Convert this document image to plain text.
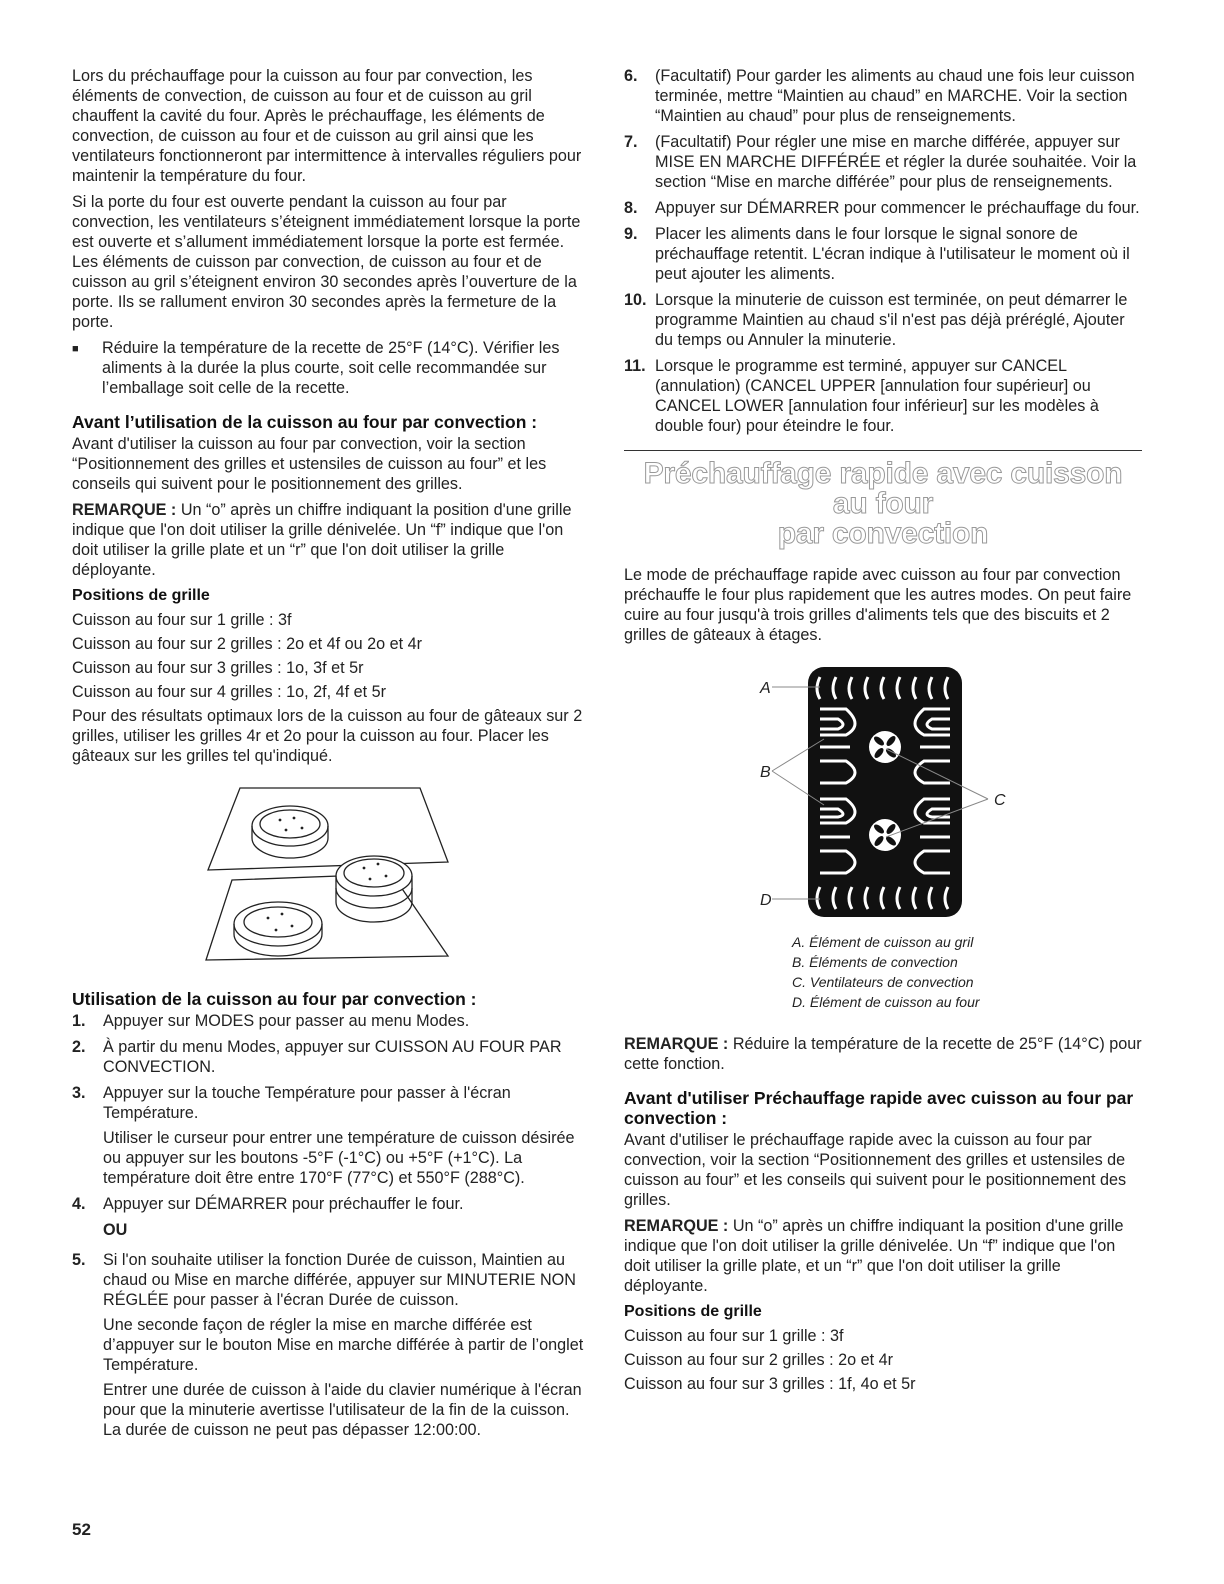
Lors du préchauffage pour la cuisson au four par convection, les éléments de convection, de cuisson au four et de cuisson au gril chauffent la cavité du four. Après le préchauffage, les éléments de convection, de cuisson au four et de cuisson au gril ainsi que les ventilateurs fonctionneront par intermittence à intervalles réguliers pour maintenir la température du four.

Si la porte du four est ouverte pendant la cuisson au four par convection, les ventilateurs s’éteignent immédiatement lorsque la porte est ouverte et s’allument immédiatement lorsque la porte est fermée. Les éléments de cuisson par convection, de cuisson au four et de cuisson au gril s’éteignent environ 30 secondes après l’ouverture de la porte. Ils se rallument environ 30 secondes après la fermeture de la porte.

■	Réduire la température de la recette de 25°F (14°C). Vérifier les aliments à la durée la plus courte, soit celle recommandée sur l’emballage soit celle de la recette.
Avant l’utilisation de la cuisson au four par convection :

Avant d'utiliser la cuisson au four par convection, voir la section “Positionnement des grilles et ustensiles de cuisson au four” et les conseils qui suivent pour le positionnement des grilles.

REMARQUE : Un “o” après un chiffre indiquant la position d'une grille indique que l'on doit utiliser la grille dénivelée. Un “f” indique que l'on doit utiliser la grille plate et un “r” que l'on doit utiliser la grille déployante.

Positions de grille
Cuisson au four sur 1 grille : 3f
Cuisson au four sur 2 grilles : 2o et 4f ou 2o et 4r
Cuisson au four sur 3 grilles : 1o, 3f et 5r
Cuisson au four sur 4 grilles : 1o, 2f, 4f et 5r

Pour des résultats optimaux lors de la cuisson au four de gâteaux sur 2 grilles, utiliser les grilles 4r et 2o pour la cuisson au four. Placer les gâteaux sur les grilles tel qu'indiqué.

Utilisation de la cuisson au four par convection :
1.	Appuyer sur MODES pour passer au menu Modes.
2.	À partir du menu Modes, appuyer sur CUISSON AU FOUR PAR CONVECTION.
3.	Appuyer sur la touche Température pour passer à l'écran Température.

Utiliser le curseur pour entrer une température de cuisson désirée ou appuyer sur les boutons -5°F (-1°C) ou +5°F (+1°C). La température doit être entre 170°F (77°C) et 550°F (288°C).
4.	Appuyer sur DÉMARRER pour préchauffer le four.
OU
5.	Si l'on souhaite utiliser la fonction Durée de cuisson, Maintien au chaud ou Mise en marche différée, appuyer sur MINUTERIE NON RÉGLÉE pour passer à l'écran Durée de cuisson.

Une seconde façon de régler la mise en marche différée est d’appuyer sur le bouton Mise en marche différée à partir de l’onglet Température.

Entrer une durée de cuisson à l'aide du clavier numérique à l'écran pour que la minuterie avertisse l'utilisateur de la fin de la cuisson. La durée de cuisson ne peut pas dépasser 12:00:00.
6.	(Facultatif) Pour garder les aliments au chaud une fois leur cuisson terminée, mettre “Maintien au chaud” en MARCHE. Voir la section “Maintien au chaud” pour plus de renseignements.
7.	(Facultatif) Pour régler une mise en marche différée, appuyer sur MISE EN MARCHE DIFFÉRÉE et régler la durée souhaitée. Voir la section “Mise en marche différée” pour plus de renseignements.
8.	Appuyer sur DÉMARRER pour commencer le préchauffage du four.
9.	Placer les aliments dans le four lorsque le signal sonore de préchauffage retentit. L'écran indique à l'utilisateur le moment où il peut ajouter les aliments.
10. Lorsque la minuterie de cuisson est terminée, on peut démarrer le programme Maintien au chaud s'il n'est pas déjà préréglé, Ajouter du temps ou Annuler la minuterie.
11. Lorsque le programme est terminé, appuyer sur CANCEL (annulation) (CANCEL UPPER [annulation four supérieur] ou CANCEL LOWER [annulation four inférieur] sur les modèles à double four) pour éteindre le four.
Préchauffage rapide avec cuisson au four
par convection

Le mode de préchauffage rapide avec cuisson au four par convection préchauffe le four plus rapidement que les autres modes. On peut faire cuire au four jusqu'à trois grilles d'aliments tels que des biscuits et 2 grilles de gâteaux à étages.

A
B
C
D
A. Élément de cuisson au gril
B. Éléments de convection
C. Ventilateurs de convection
D. Élément de cuisson au four

REMARQUE : Réduire la température de la recette de 25°F (14°C) pour cette fonction.

Avant d'utiliser Préchauffage rapide avec cuisson au four par convection :

Avant d'utiliser le préchauffage rapide avec la cuisson au four par convection, voir la section “Positionnement des grilles et ustensiles de cuisson au four” et les conseils qui suivent pour le positionnement des grilles.

REMARQUE : Un “o” après un chiffre indiquant la position d'une grille indique que l'on doit utiliser la grille dénivelée. Un “f” indique que l'on doit utiliser la grille plate, et un “r” que l'on doit utiliser la grille déployante.

Positions de grille
Cuisson au four sur 1 grille : 3f
Cuisson au four sur 2 grilles : 2o et 4r
Cuisson au four sur 3 grilles : 1f, 4o et 5r
52
